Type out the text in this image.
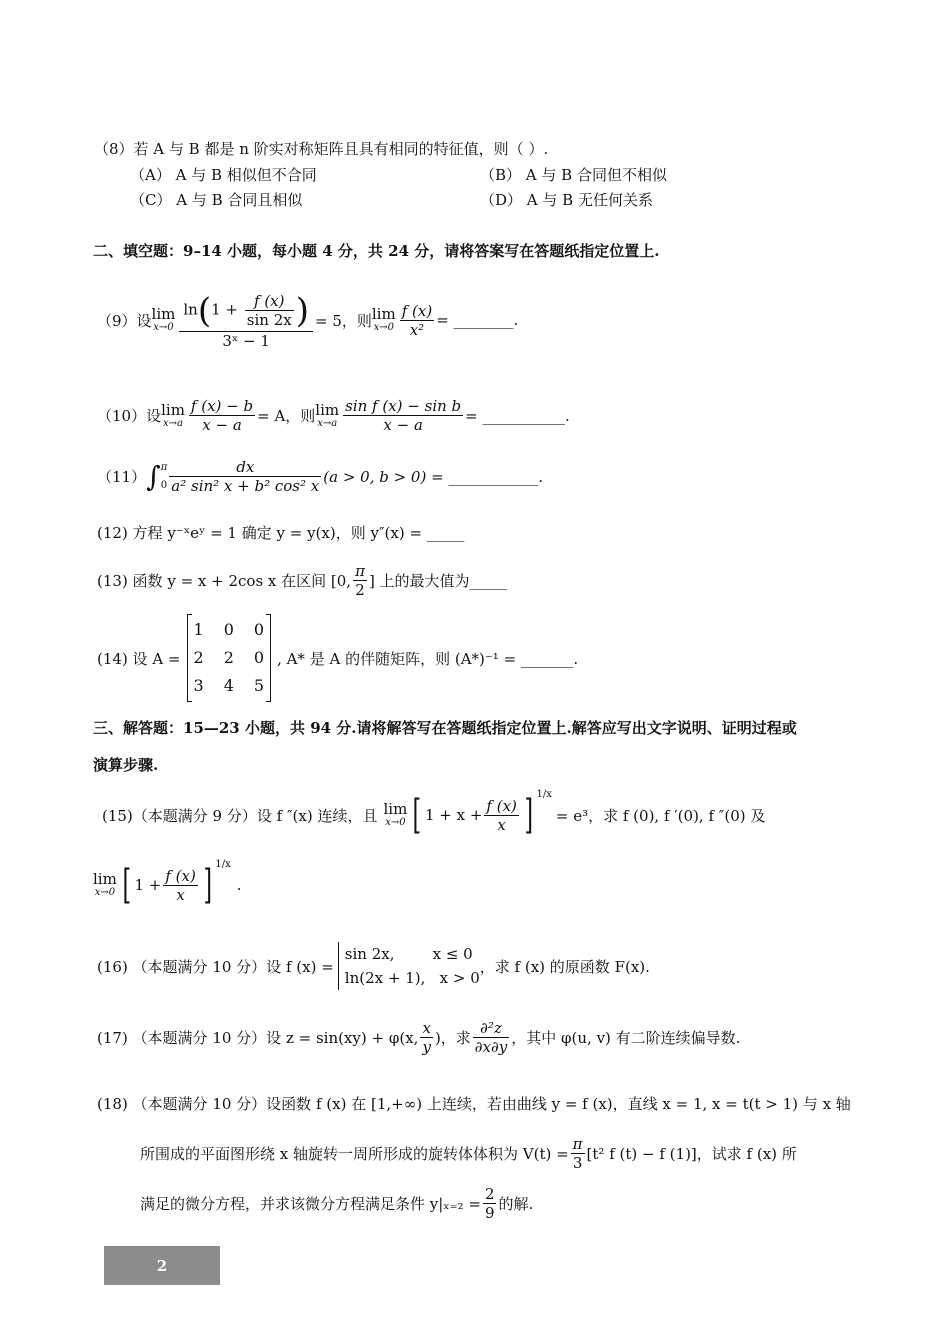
（8）若 A 与 B 都是 n 阶实对称矩阵且具有相同的特征值，则（ ）.
（A） A 与 B 相似但不合同	（B） A 与 B 合同但不相似
（C） A 与 B 合同且相似	（D） A 与 B 无任何关系
二、填空题：9–14 小题，每小题 4 分，共 24 分，请将答案写在答题纸指定位置上.
（9）设 lim
$x\to 0 \frac{\ln(1 + \frac{f (x)}{\sin 2x} )}{\text{3ˣ − 1}} = 5$，则 lim
$x\to 0 \frac{f (x)}{\text{x²}}$ = ________.
（10）设 lim
$x\to a \frac{f (x) - b}{x - a} = A$，则 lim
$x\to a \frac{\text{sin f (x) − sin b}}{x - a}$ = ___________.
（11） ∫ π
$0 \frac{dx}{\text{a² sin² x + b² cos² x}} (a > 0$, b > 0) = ____________.
(12) 方程 y⁻ˣeʸ = 1 确定 y = y(x)，则 y″(x) = _____
(13) 函数 y = x + 2cos x 在区间 [0, $\frac{\pi}{2}$ ] 上的最大值为_____
(14) 设 A =
1 0 0
2 2 0
3 4 5
, A* 是 A 的伴随矩阵，则 (A*)⁻¹ = _______.
三、解答题：15—23 小题，共 94 分.请将解答写在答题纸指定位置上.解答应写出文字说明、证明过程或
演算步骤.
(15)（本题满分 9 分）设 f ″(x) 连续，且 lim
x→0 [ $1 + x + \frac{f (x)}{x}$ ] 1/x
= e³，求 f (0), f ′(0), f ″(0) 及
lim
x→0 [ $1 + \frac{f (x)}{x}$ ] 1/x
.
(16) （本题满分 10 分）设 f (x) =
sin 2x,        x ≤ 0
ln(2x + 1),   x > 0
，求 f (x) 的原函数 F(x).
(17) （本题满分 10 分）设 z = sin(xy) + φ(x, $\frac{x}{y}$ )，求 $\frac{\text{∂²z}}{\partial x\partial y}$ ，其中 φ(u, v) 有二阶连续偏导数.
(18) （本题满分 10 分）设函数 f (x) 在 [1,+∞) 上连续，若由曲线 y = f (x)，直线 x = 1, x = t(t > 1) 与 x 轴
所围成的平面图形绕 x 轴旋转一周所形成的旋转体体积为 $V(t) = \frac{\pi}{3} [t^2$ f (t) − f (1)]，试求 f (x) 所
满足的微分方程，并求该微分方程满足条件 $y|_{x=2} = \frac{2}{9}$ 的解.
2
